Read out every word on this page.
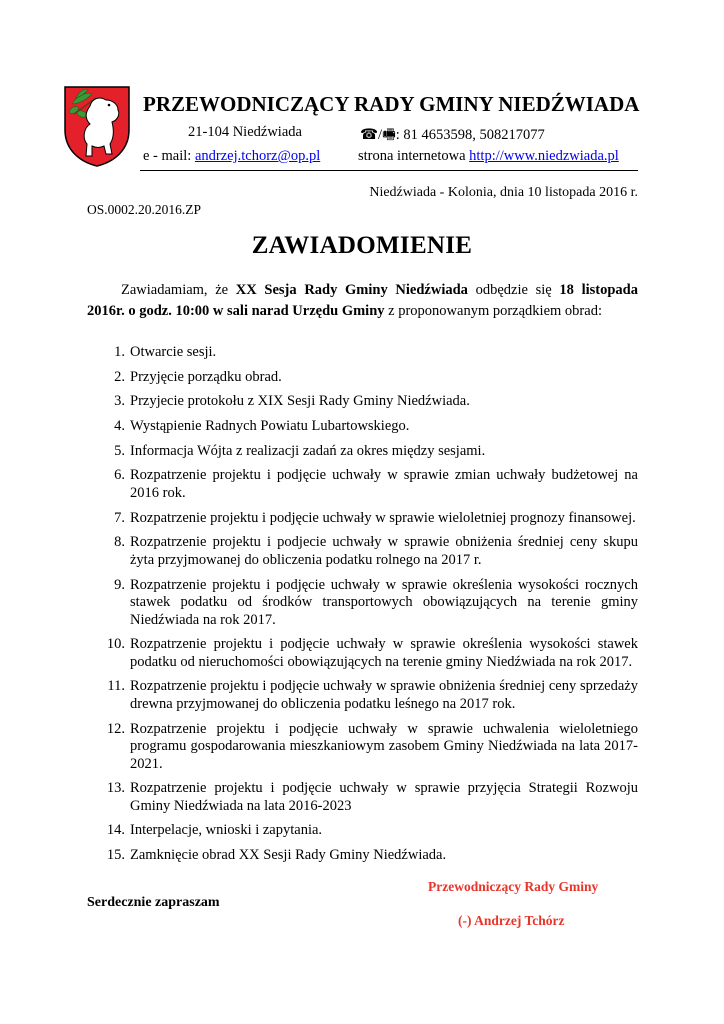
PRZEWODNICZĄCY RADY GMINY NIEDŹWIADA
21-104 Niedźwiada	☎/🖷: 81 4653598, 508217077
e - mail: andrzej.tchorz@op.pl	strona internetowa http://www.niedzwiada.pl
Niedźwiada - Kolonia, dnia 10 listopada 2016 r.
OS.0002.20.2016.ZP
ZAWIADOMIENIE

Zawiadamiam, że XX Sesja Rady Gminy Niedźwiada odbędzie się 18 listopada 2016r. o godz. 10:00 w sali narad Urzędu Gminy z proponowanym porządkiem obrad:

1. Otwarcie sesji.
2. Przyjęcie porządku obrad.
3. Przyjecie protokołu z XIX Sesji Rady Gminy Niedźwiada.
4. Wystąpienie Radnych Powiatu Lubartowskiego.
5. Informacja Wójta z realizacji zadań za okres między sesjami.
6. Rozpatrzenie projektu i podjęcie uchwały w sprawie zmian uchwały budżetowej na 2016 rok.
7. Rozpatrzenie projektu i podjęcie uchwały w sprawie wieloletniej prognozy finansowej.
8. Rozpatrzenie projektu i podjecie uchwały w sprawie obniżenia średniej ceny skupu żyta przyjmowanej do obliczenia podatku rolnego na 2017 r.
9. Rozpatrzenie projektu i podjęcie uchwały w sprawie określenia wysokości rocznych stawek podatku od środków transportowych obowiązujących na terenie gminy Niedźwiada na rok 2017.
10. Rozpatrzenie projektu i podjęcie uchwały w sprawie określenia wysokości stawek podatku od nieruchomości obowiązujących na terenie gminy Niedźwiada na rok 2017.
11. Rozpatrzenie projektu i podjęcie uchwały w sprawie obniżenia średniej ceny sprzedaży drewna przyjmowanej do obliczenia podatku leśnego na 2017 rok.
12. Rozpatrzenie projektu i podjęcie uchwały w sprawie uchwalenia wieloletniego programu gospodarowania mieszkaniowym zasobem Gminy Niedźwiada na lata 2017-2021.
13. Rozpatrzenie projektu i podjęcie uchwały w sprawie przyjęcia Strategii Rozwoju Gminy Niedźwiada na lata 2016-2023
14. Interpelacje, wnioski i zapytania.
15. Zamknięcie obrad XX Sesji Rady Gminy Niedźwiada.
Przewodniczący Rady Gminy
Serdecznie zapraszam
(-) Andrzej Tchórz
